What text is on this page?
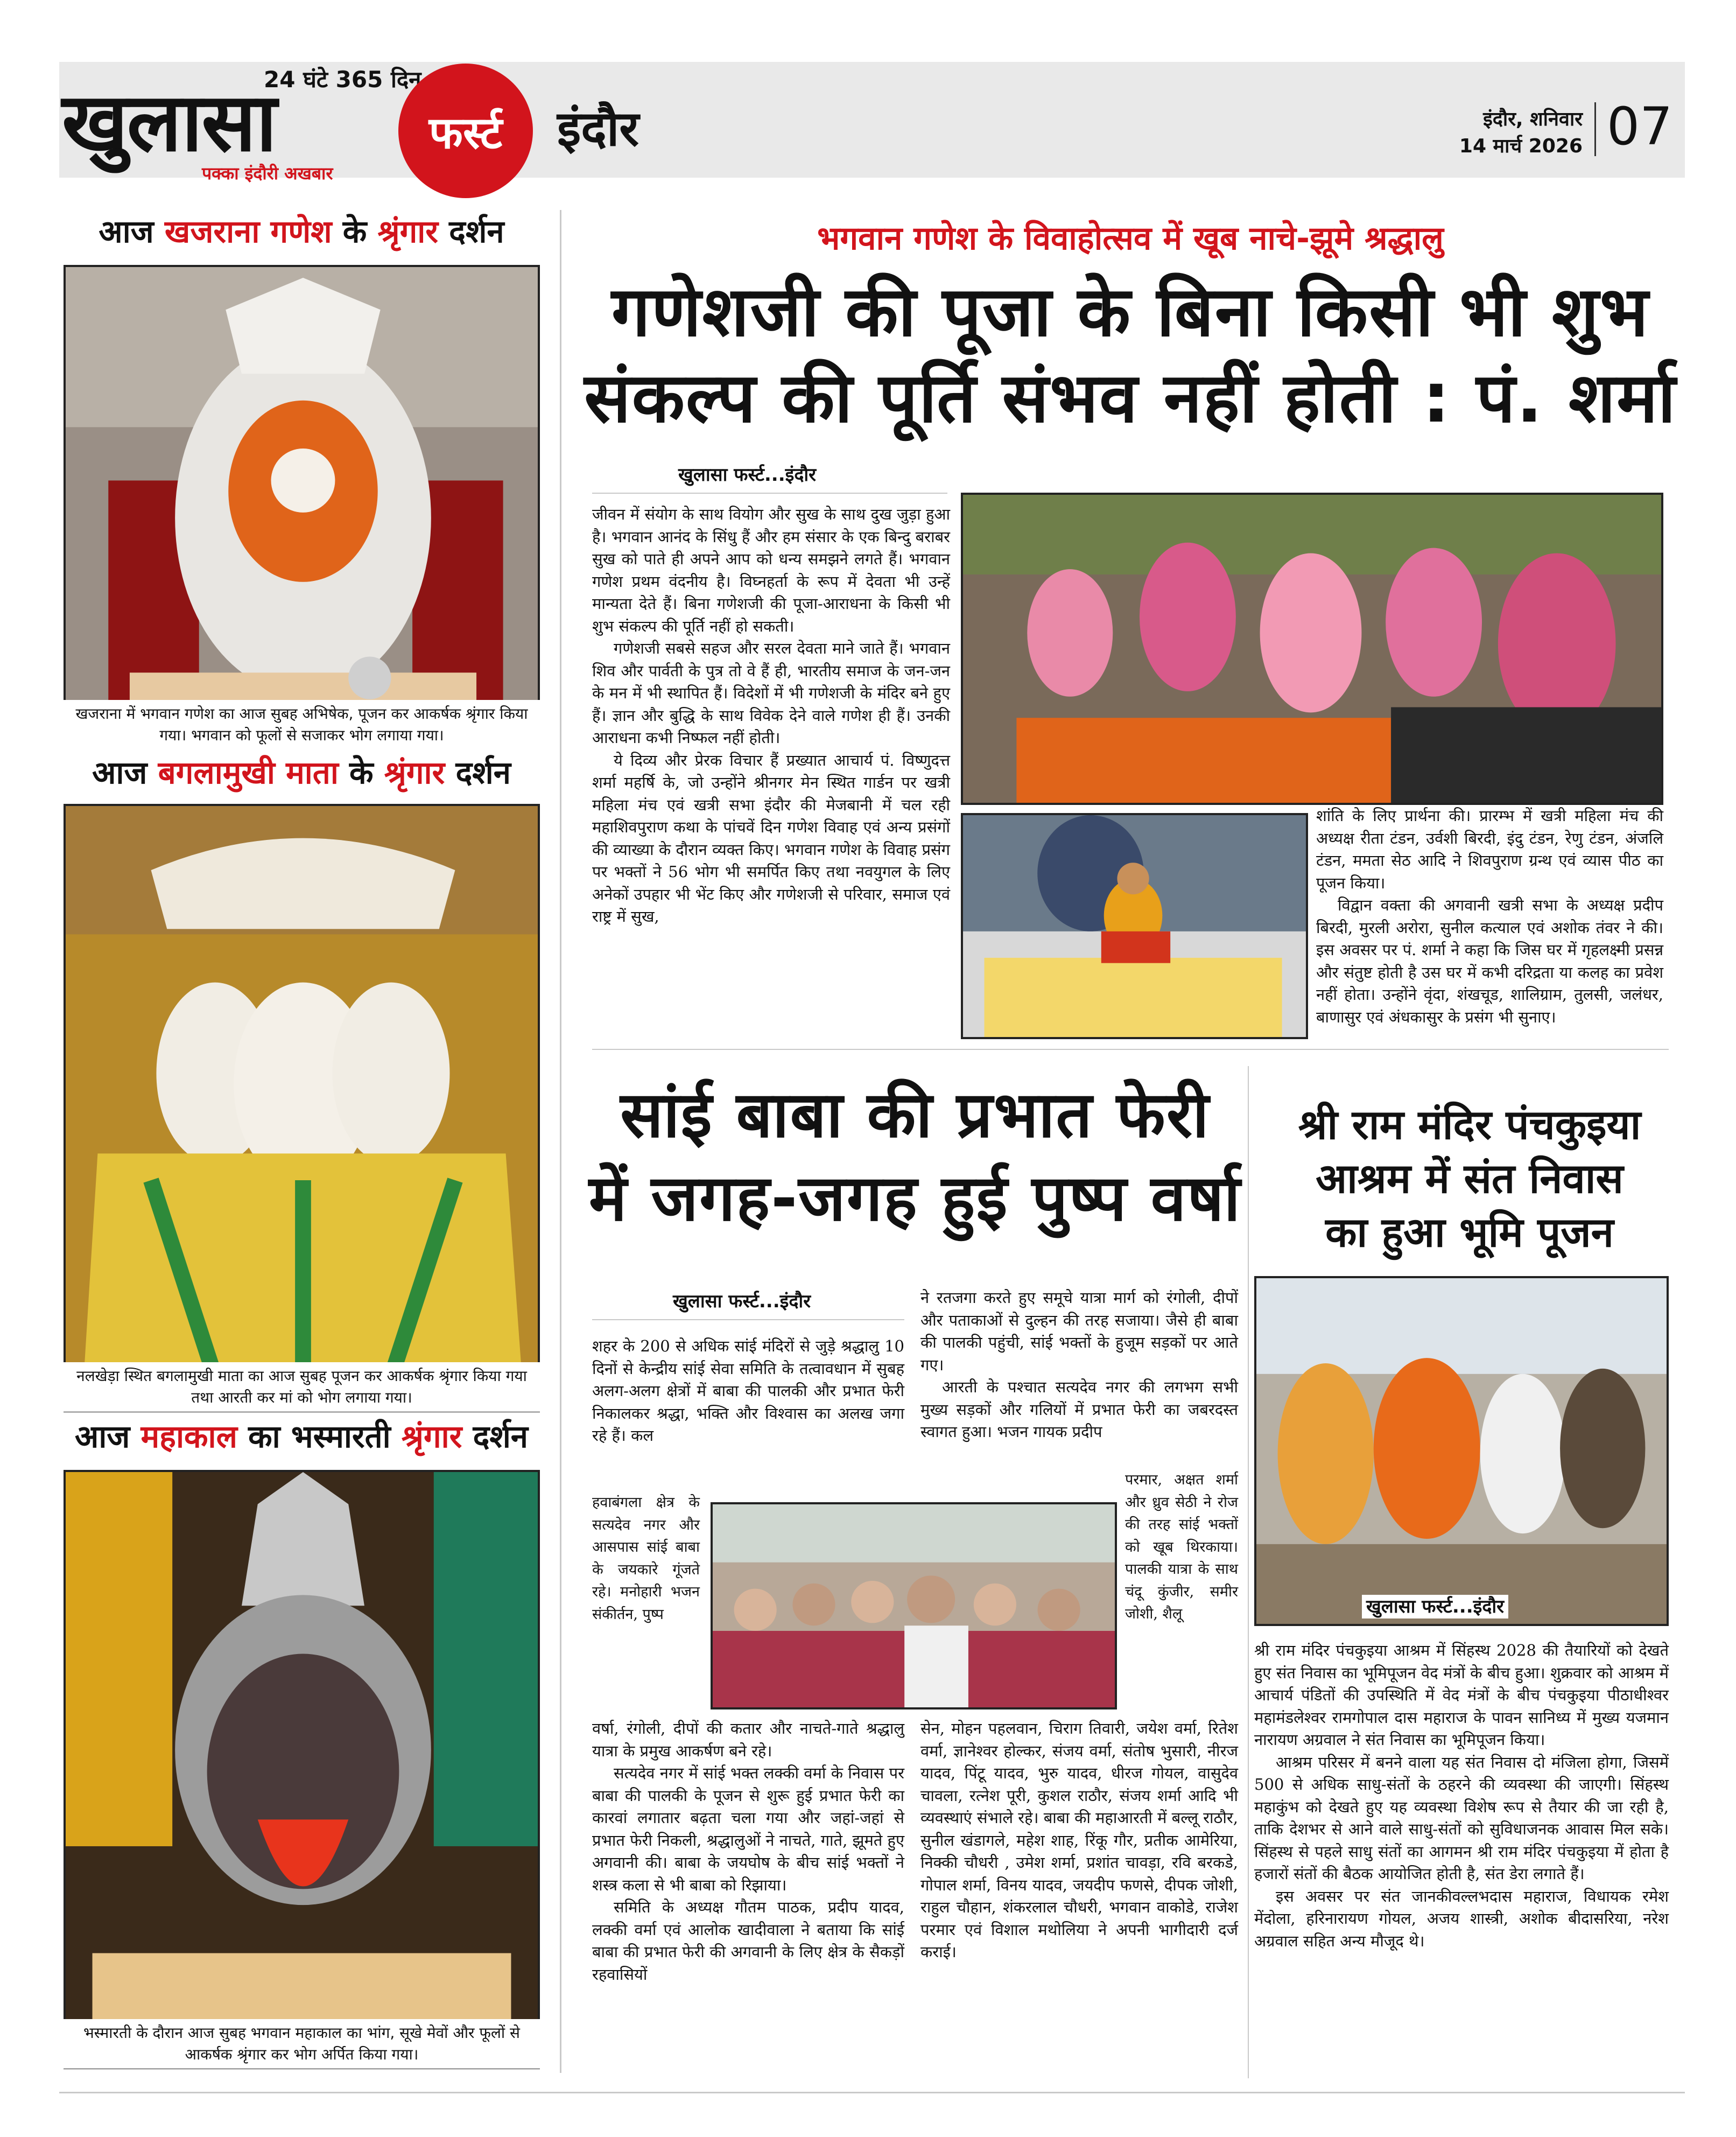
24 घंटे 365 दिन
खुलासा	फर्स्ट
पक्का इंदौरी अखबार
इंदौर	इंदौर, शनिवार
14 मार्च 2026 07
आज खजराना गणेश के श्रृंगार दर्शन
खजराना में भगवान गणेश का आज सुबह अभिषेक, पूजन कर आकर्षक श्रृंगार किया गया। भगवान को फूलों से सजाकर भोग लगाया गया।
आज बगलामुखी माता के श्रृंगार दर्शन
नलखेड़ा स्थित बगलामुखी माता का आज सुबह पूजन कर आकर्षक श्रृंगार किया गया तथा आरती कर मां को भोग लगाया गया।
आज महाकाल का भस्मारती श्रृंगार दर्शन
भस्मारती के दौरान आज सुबह भगवान महाकाल का भांग, सूखे मेवों और फूलों से आकर्षक श्रृंगार कर भोग अर्पित किया गया।
भगवान गणेश के विवाहोत्सव में खूब नाचे-झूमे श्रद्धालु
गणेशजी की पूजा के बिना किसी भी शुभ
संकल्प की पूर्ति संभव नहीं होती : पं. शर्मा
खुलासा फर्स्ट...इंदौर

जीवन में संयोग के साथ वियोग और सुख के साथ दुख जुड़ा हुआ है। भगवान आनंद के सिंधु हैं और हम संसार के एक बिन्दु बराबर सुख को पाते ही अपने आप को धन्य समझने लगते हैं। भगवान गणेश प्रथम वंदनीय है। विघ्नहर्ता के रूप में देवता भी उन्हें मान्यता देते हैं। बिना गणेशजी की पूजा-आराधना के किसी भी शुभ संकल्प की पूर्ति नहीं हो सकती।

गणेशजी सबसे सहज और सरल देवता माने जाते हैं। भगवान शिव और पार्वती के पुत्र तो वे हैं ही, भारतीय समाज के जन-जन के मन में भी स्थापित हैं। विदेशों में भी गणेशजी के मंदिर बने हुए हैं। ज्ञान और बुद्धि के साथ विवेक देने वाले गणेश ही हैं। उनकी आराधना कभी निष्फल नहीं होती।

ये दिव्य और प्रेरक विचार हैं प्रख्यात आचार्य पं. विष्णुदत्त शर्मा महर्षि के, जो उन्होंने श्रीनगर मेन स्थित गार्डन पर खत्री महिला मंच एवं खत्री सभा इंदौर की मेजबानी में चल रही महाशिवपुराण कथा के पांचवें दिन गणेश विवाह एवं अन्य प्रसंगों की व्याख्या के दौरान व्यक्त किए। भगवान गणेश के विवाह प्रसंग पर भक्तों ने 56 भोग भी समर्पित किए तथा नवयुगल के लिए अनेकों उपहार भी भेंट किए और गणेशजी से परिवार, समाज एवं राष्ट्र में सुख,

शांति के लिए प्रार्थना की। प्रारम्भ में खत्री महिला मंच की अध्यक्ष रीता टंडन, उर्वशी बिरदी, इंदु टंडन, रेणु टंडन, अंजलि टंडन, ममता सेठ आदि ने शिवपुराण ग्रन्थ एवं व्यास पीठ का पूजन किया।

विद्वान वक्ता की अगवानी खत्री सभा के अध्यक्ष प्रदीप बिरदी, मुरली अरोरा, सुनील कत्याल एवं अशोक तंवर ने की। इस अवसर पर पं. शर्मा ने कहा कि जिस घर में गृहलक्ष्मी प्रसन्न और संतुष्ट होती है उस घर में कभी दरिद्रता या कलह का प्रवेश नहीं होता। उन्होंने वृंदा, शंखचूड, शालिग्राम, तुलसी, जलंधर, बाणासुर एवं अंधकासुर के प्रसंग भी सुनाए।

सांई बाबा की प्रभात फेरी
में जगह-जगह हुई पुष्प वर्षा
खुलासा फर्स्ट...इंदौर
शहर के 200 से अधिक सांई मंदिरों से जुड़े श्रद्धालु 10 दिनों से केन्द्रीय सांई सेवा समिति के तत्वावधान में सुबह अलग-अलग क्षेत्रों में बाबा की पालकी और प्रभात फेरी निकालकर श्रद्धा, भक्ति और विश्वास का अलख जगा रहे हैं। कल
हवाबंगला क्षेत्र के सत्यदेव नगर और आसपास सांई बाबा के जयकारे गूंजते रहे। मनोहारी भजन संकीर्तन, पुष्प

वर्षा, रंगोली, दीपों की कतार और नाचते-गाते श्रद्धालु यात्रा के प्रमुख आकर्षण बने रहे।

सत्यदेव नगर में सांई भक्त लक्की वर्मा के निवास पर बाबा की पालकी के पूजन से शुरू हुई प्रभात फेरी का कारवां लगातार बढ़ता चला गया और जहां-जहां से प्रभात फेरी निकली, श्रद्धालुओं ने नाचते, गाते, झूमते हुए अगवानी की। बाबा के जयघोष के बीच सांई भक्तों ने शस्त्र कला से भी बाबा को रिझाया।

समिति के अध्यक्ष गौतम पाठक, प्रदीप यादव, लक्की वर्मा एवं आलोक खादीवाला ने बताया कि सांई बाबा की प्रभात फेरी की अगवानी के लिए क्षेत्र के सैकड़ों रहवासियों

ने रतजगा करते हुए समूचे यात्रा मार्ग को रंगोली, दीपों और पताकाओं से दुल्हन की तरह सजाया। जैसे ही बाबा की पालकी पहुंची, सांई भक्तों के हुजूम सड़कों पर आते गए।

आरती के पश्चात सत्यदेव नगर की लगभग सभी मुख्य सड़कों और गलियों में प्रभात फेरी का जबरदस्त स्वागत हुआ। भजन गायक प्रदीप

परमार, अक्षत शर्मा और ध्रुव सेठी ने रोज की तरह सांई भक्तों को खूब थिरकाया। पालकी यात्रा के साथ चंदू कुंजीर, समीर जोशी, शैलू
सेन, मोहन पहलवान, चिराग तिवारी, जयेश वर्मा, रितेश वर्मा, ज्ञानेश्वर होल्कर, संजय वर्मा, संतोष भुसारी, नीरज यादव, पिंटू यादव, भुरु यादव, धीरज गोयल, वासुदेव चावला, रत्नेश पूरी, कुशल राठौर, संजय शर्मा आदि भी व्यवस्थाएं संभाले रहे। बाबा की महाआरती में बल्लू राठौर, सुनील खंडागले, महेश शाह, रिंकू गौर, प्रतीक आमेरिया, निक्की चौधरी , उमेश शर्मा, प्रशांत चावड़ा, रवि बरकडे, गोपाल शर्मा, विनय यादव, जयदीप फणसे, दीपक जोशी, राहुल चौहान, शंकरलाल चौधरी, भगवान वाकोडे, राजेश परमार एवं विशाल मथोलिया ने अपनी भागीदारी दर्ज कराई।
श्री राम मंदिर पंचकुइया
आश्रम में संत निवास
का हुआ भूमि पूजन
खुलासा फर्स्ट...इंदौर

श्री राम मंदिर पंचकुइया आश्रम में सिंहस्थ 2028 की तैयारियों को देखते हुए संत निवास का भूमिपूजन वेद मंत्रों के बीच हुआ। शुक्रवार को आश्रम में आचार्य पंडितों की उपस्थिति में वेद मंत्रों के बीच पंचकुइया पीठाधीश्वर महामंडलेश्वर रामगोपाल दास महाराज के पावन सानिध्य में मुख्य यजमान नारायण अग्रवाल ने संत निवास का भूमिपूजन किया।

आश्रम परिसर में बनने वाला यह संत निवास दो मंजिला होगा, जिसमें 500 से अधिक साधु-संतों के ठहरने की व्यवस्था की जाएगी। सिंहस्थ महाकुंभ को देखते हुए यह व्यवस्था विशेष रूप से तैयार की जा रही है, ताकि देशभर से आने वाले साधु-संतों को सुविधाजनक आवास मिल सके। सिंहस्थ से पहले साधु संतों का आगमन श्री राम मंदिर पंचकुइया में होता है हजारों संतों की बैठक आयोजित होती है, संत डेरा लगाते हैं।

इस अवसर पर संत जानकीवल्लभदास महाराज, विधायक रमेश मेंदोला, हरिनारायण गोयल, अजय शास्त्री, अशोक बीदासरिया, नरेश अग्रवाल सहित अन्य मौजूद थे।
